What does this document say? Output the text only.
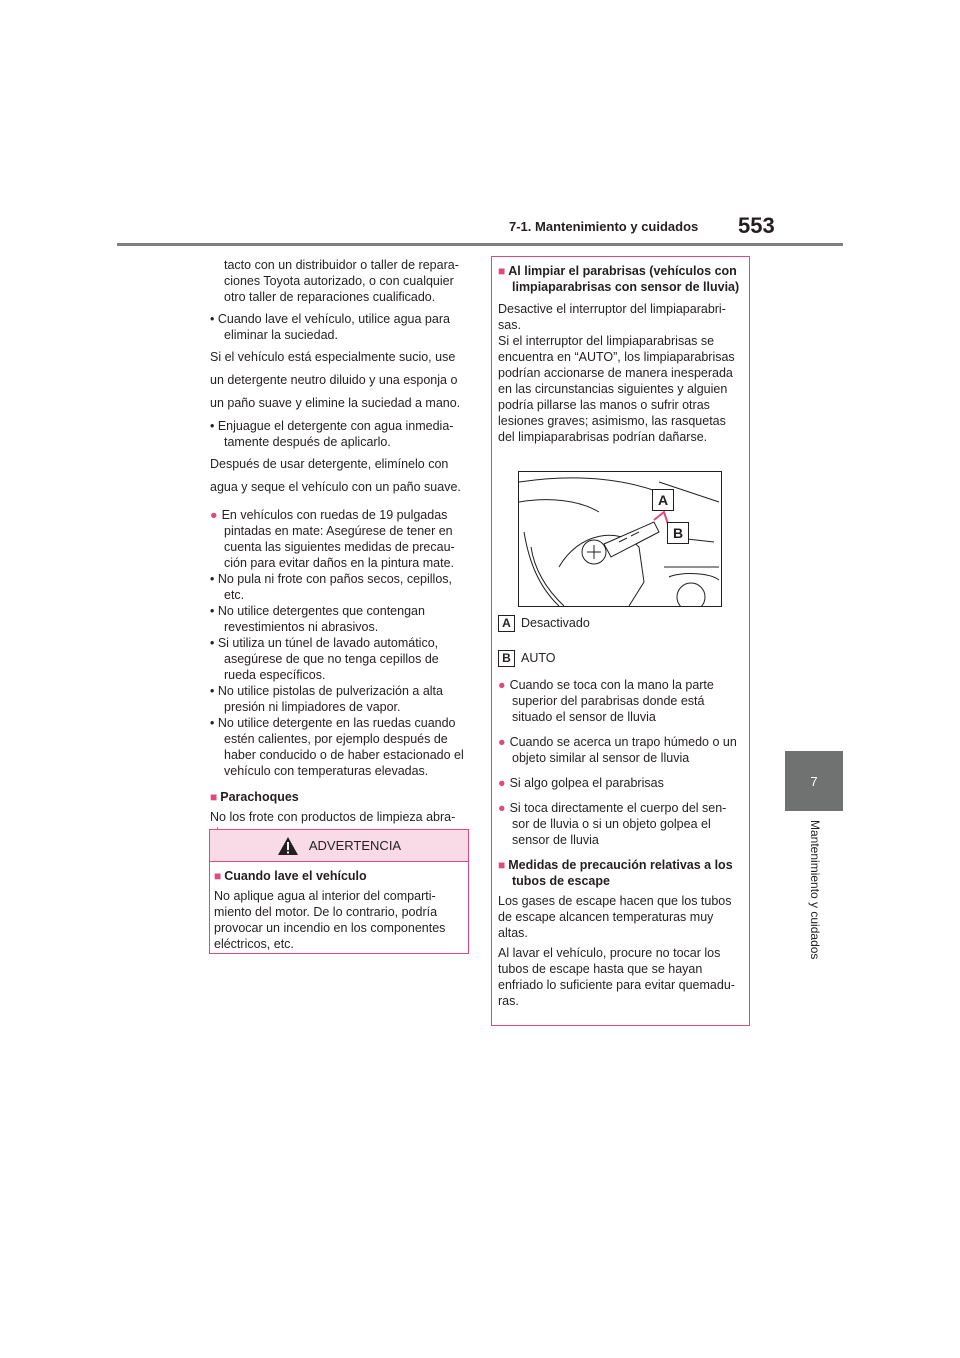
7-1. Mantenimiento y cuidados 553
7
Mantenimiento y cuidados

tacto con un distribuidor o taller de repara-ciones Toyota autorizado, o con cualquier otro taller de reparaciones cualificado.

• Cuando lave el vehículo, utilice agua para eliminar la suciedad.

Si el vehículo está especialmente sucio, use

un detergente neutro diluido y una esponja o

un paño suave y elimine la suciedad a mano.

• Enjuague el detergente con agua inmedia-tamente después de aplicarlo.

Después de usar detergente, elimínelo con

agua y seque el vehículo con un paño suave.

● En vehículos con ruedas de 19 pulgadas pintadas en mate: Asegúrese de tener en cuenta las siguientes medidas de precau-ción para evitar daños en la pintura mate.

• No pula ni frote con paños secos, cepillos, etc.

• No utilice detergentes que contengan revestimientos ni abrasivos.

• Si utiliza un túnel de lavado automático, asegúrese de que no tenga cepillos de rueda específicos.

• No utilice pistolas de pulverización a alta presión ni limpiadores de vapor.

• No utilice detergente en las ruedas cuando estén calientes, por ejemplo después de haber conducido o de haber estacionado el vehículo con temperaturas elevadas.

■ Parachoques

No los frote con productos de limpieza abra-

ADVERTENCIA

■ Cuando lave el vehículo

No aplique agua al interior del comparti-miento del motor. De lo contrario, podría provocar un incendio en los componentes eléctricos, etc.

■ Al limpiar el parabrisas (vehículos con limpiaparabrisas con sensor de lluvia)

Desactive el interruptor del limpiaparabri-sas.

Si el interruptor del limpiaparabrisas se encuentra en “AUTO”, los limpiaparabrisas podrían accionarse de manera inesperada en las circunstancias siguientes y alguien podría pillarse las manos o sufrir otras lesiones graves; asimismo, las rasquetas del limpiaparabrisas podrían dañarse.

A Desactivado

B AUTO

● Cuando se toca con la mano la parte superior del parabrisas donde está situado el sensor de lluvia

● Cuando se acerca un trapo húmedo o un objeto similar al sensor de lluvia

● Si algo golpea el parabrisas

● Si toca directamente el cuerpo del sen-sor de lluvia o si un objeto golpea el sensor de lluvia

■ Medidas de precaución relativas a los tubos de escape

Los gases de escape hacen que los tubos de escape alcancen temperaturas muy altas.

Al lavar el vehículo, procure no tocar los tubos de escape hasta que se hayan enfriado lo suficiente para evitar quemadu-ras.

A
B
